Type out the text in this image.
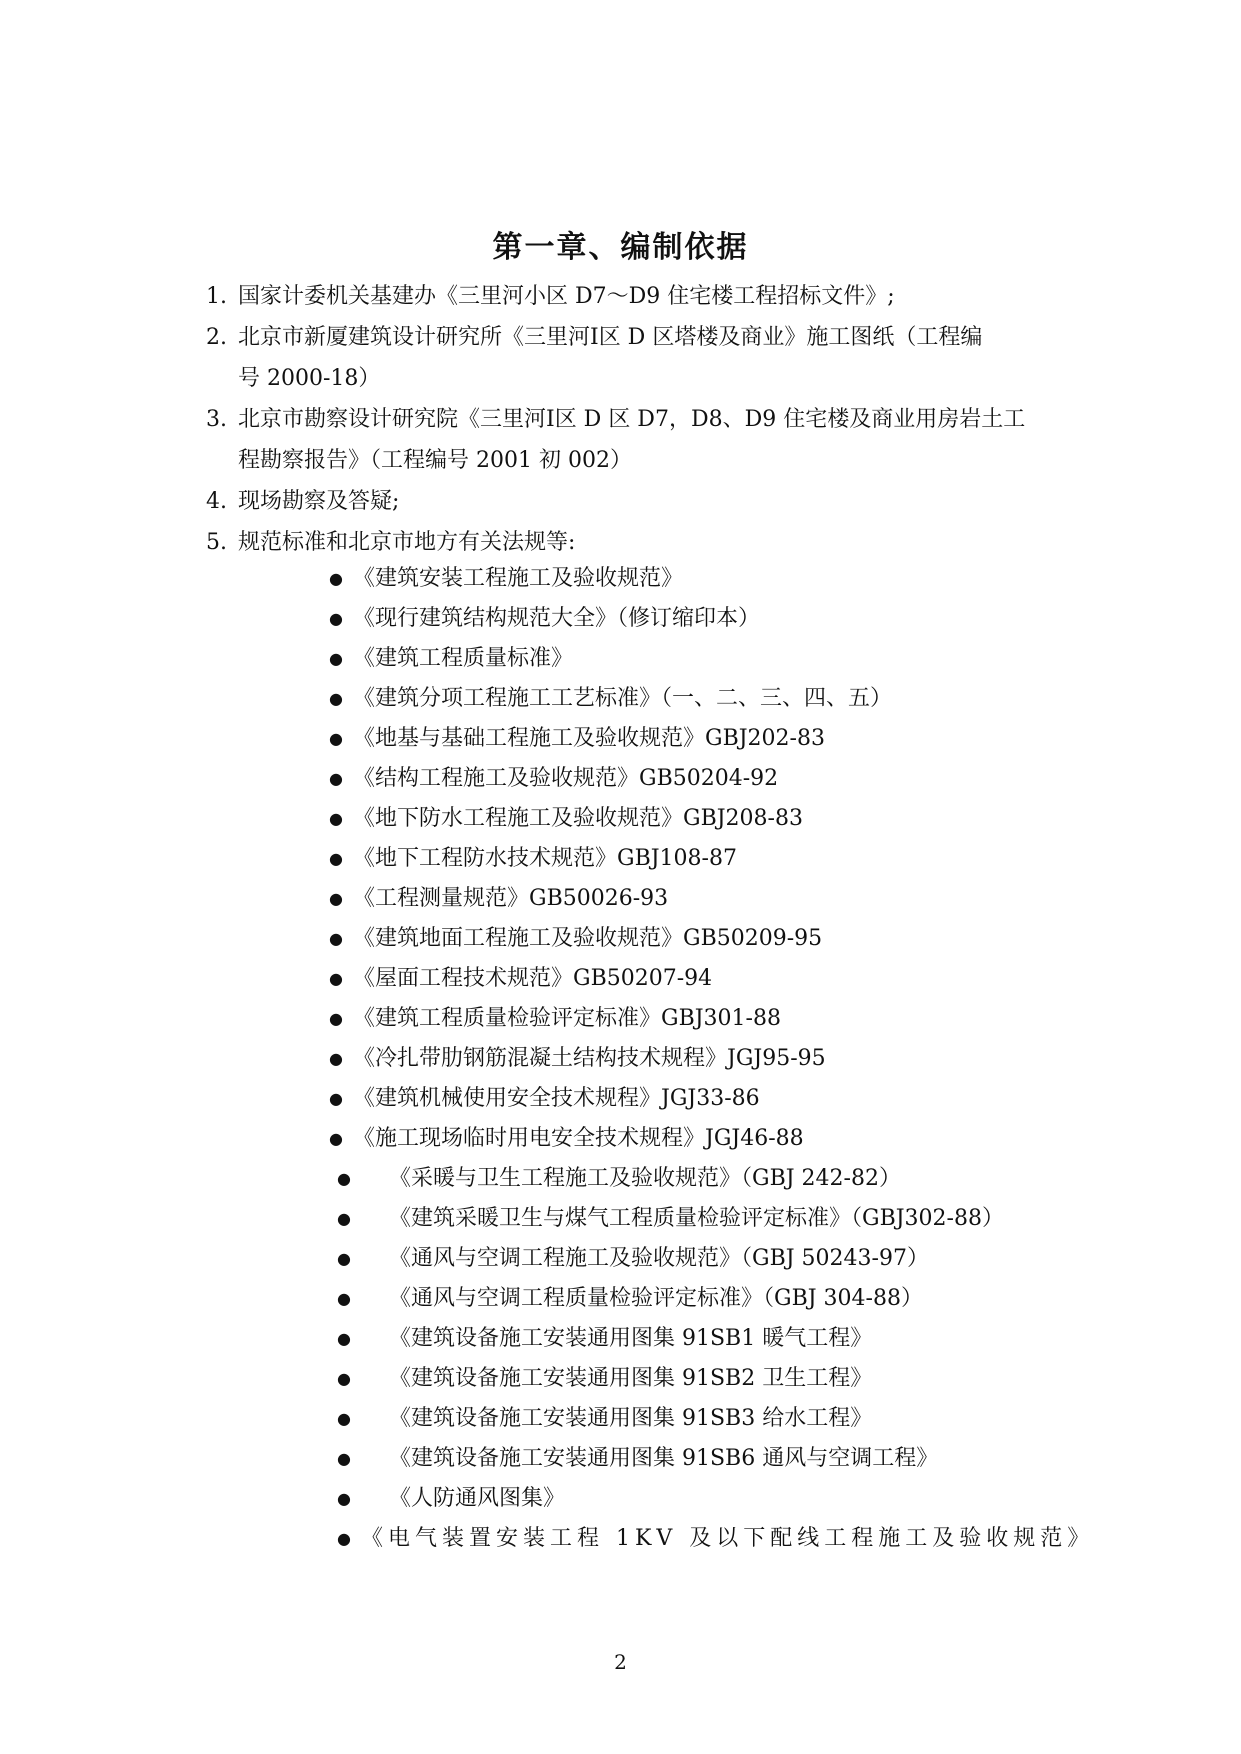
第一章、编制依据
1. 国家计委机关基建办《三里河小区 D7～D9 住宅楼工程招标文件》;
2. 北京市新厦建筑设计研究所《三里河Ⅰ区 D 区塔楼及商业》施工图纸（工程编
号 2000-18）
3. 北京市勘察设计研究院《三里河Ⅰ区 D 区 D7，D8、D9 住宅楼及商业用房岩土工
程勘察报告》（工程编号 2001 初 002）
4. 现场勘察及答疑;
5. 规范标准和北京市地方有关法规等:
● 《建筑安装工程施工及验收规范》
● 《现行建筑结构规范大全》（修订缩印本）
● 《建筑工程质量标准》
● 《建筑分项工程施工工艺标准》（一、二、三、四、五）
● 《地基与基础工程施工及验收规范》GBJ202-83
● 《结构工程施工及验收规范》GB50204-92
● 《地下防水工程施工及验收规范》GBJ208-83
● 《地下工程防水技术规范》GBJ108-87
● 《工程测量规范》GB50026-93
● 《建筑地面工程施工及验收规范》GB50209-95
● 《屋面工程技术规范》GB50207-94
● 《建筑工程质量检验评定标准》GBJ301-88
● 《冷扎带肋钢筋混凝土结构技术规程》JGJ95-95
● 《建筑机械使用安全技术规程》JGJ33-86
● 《施工现场临时用电安全技术规程》JGJ46-88
● 《采暖与卫生工程施工及验收规范》（GBJ 242-82）
● 《建筑采暖卫生与煤气工程质量检验评定标准》（GBJ302-88）
● 《通风与空调工程施工及验收规范》（GBJ 50243-97）
● 《通风与空调工程质量检验评定标准》（GBJ 304-88）
● 《建筑设备施工安装通用图集 91SB1 暖气工程》
● 《建筑设备施工安装通用图集 91SB2 卫生工程》
● 《建筑设备施工安装通用图集 91SB3 给水工程》
● 《建筑设备施工安装通用图集 91SB6 通风与空调工程》
● 《人防通风图集》
● 《电气装置安装工程 1KV 及以下配线工程施工及验收规范》
2
